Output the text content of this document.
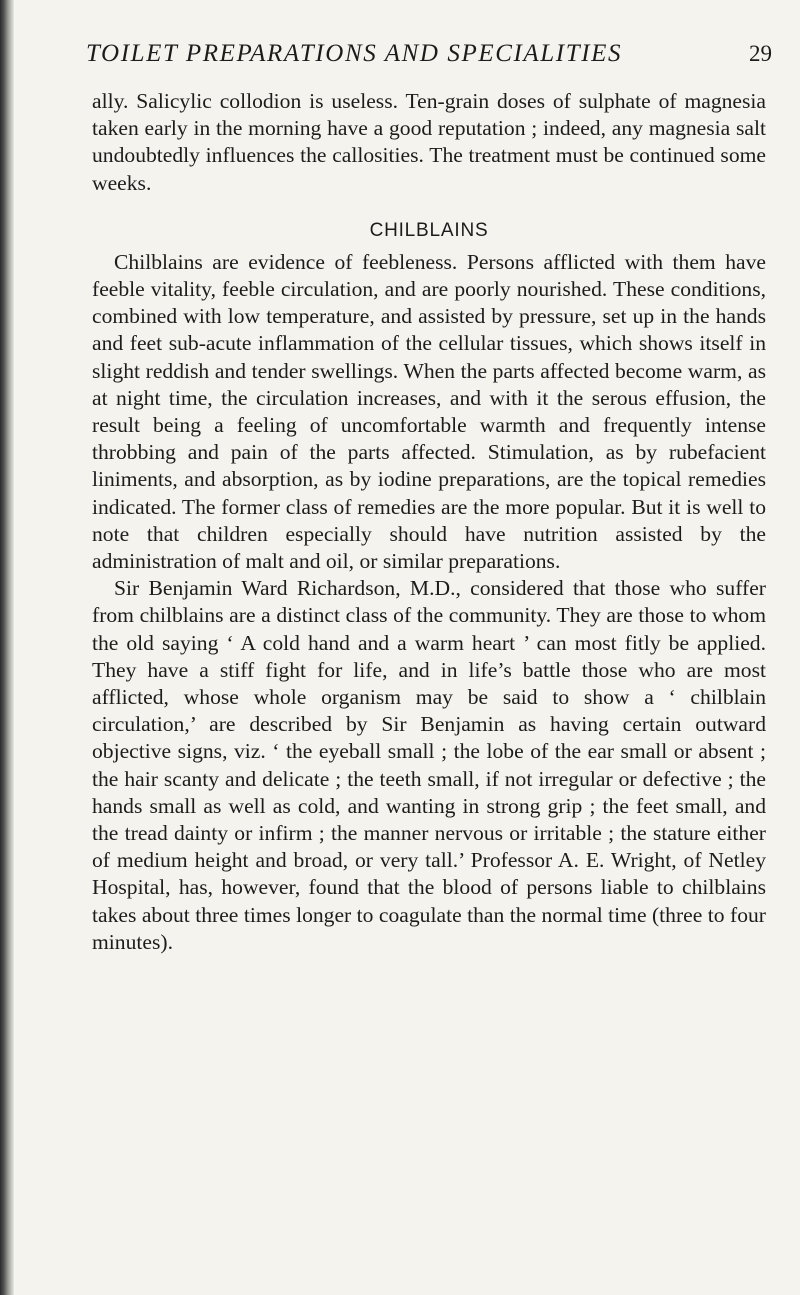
TOILET PREPARATIONS AND SPECIALITIES	29

ally. Salicylic collodion is useless. Ten-grain doses of sulphate of magnesia taken early in the morning have a good reputation ; indeed, any magnesia salt undoubtedly influences the callosities. The treatment must be continued some weeks.

CHILBLAINS

Chilblains are evidence of feebleness. Persons afflicted with them have feeble vitality, feeble circulation, and are poorly nourished. These conditions, combined with low temperature, and assisted by pressure, set up in the hands and feet sub-acute inflammation of the cellular tissues, which shows itself in slight reddish and tender swellings. When the parts affected become warm, as at night time, the circulation increases, and with it the serous effusion, the result being a feeling of uncomfortable warmth and frequently intense throbbing and pain of the parts affected. Stimulation, as by rubefacient liniments, and absorption, as by iodine preparations, are the topical remedies indicated. The former class of remedies are the more popular. But it is well to note that children especially should have nutrition assisted by the administration of malt and oil, or similar preparations.

Sir Benjamin Ward Richardson, M.D., considered that those who suffer from chilblains are a distinct class of the community. They are those to whom the old saying ‘ A cold hand and a warm heart ’ can most fitly be applied. They have a stiff fight for life, and in life’s battle those who are most afflicted, whose whole organism may be said to show a ‘ chilblain circulation,’ are described by Sir Benjamin as having certain outward objective signs, viz. ‘ the eyeball small ; the lobe of the ear small or absent ; the hair scanty and delicate ; the teeth small, if not irregular or defective ; the hands small as well as cold, and wanting in strong grip ; the feet small, and the tread dainty or infirm ; the manner nervous or irritable ; the stature either of medium height and broad, or very tall.’ Professor A. E. Wright, of Netley Hospital, has, however, found that the blood of persons liable to chilblains takes about three times longer to coagulate than the normal time (three to four minutes).
